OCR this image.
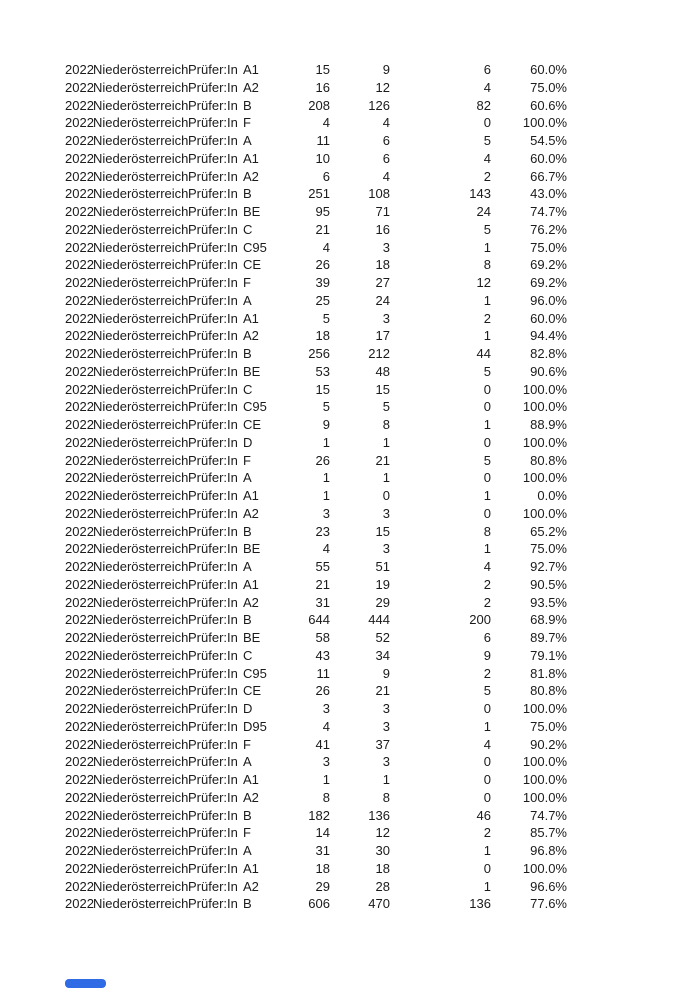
2022 Niederösterreich Prüfer:In A1	15	9	6	60.0%
2022 Niederösterreich Prüfer:In A2	16	12	4	75.0%
2022 Niederösterreich Prüfer:In B	208	126	82	60.6%
2022 Niederösterreich Prüfer:In F	4	4	0	100.0%
2022 Niederösterreich Prüfer:In A	11	6	5	54.5%
2022 Niederösterreich Prüfer:In A1	10	6	4	60.0%
2022 Niederösterreich Prüfer:In A2	6	4	2	66.7%
2022 Niederösterreich Prüfer:In B	251	108	143	43.0%
2022 Niederösterreich Prüfer:In BE	95	71	24	74.7%
2022 Niederösterreich Prüfer:In C	21	16	5	76.2%
2022 Niederösterreich Prüfer:In C95	4	3	1	75.0%
2022 Niederösterreich Prüfer:In CE	26	18	8	69.2%
2022 Niederösterreich Prüfer:In F	39	27	12	69.2%
2022 Niederösterreich Prüfer:In A	25	24	1	96.0%
2022 Niederösterreich Prüfer:In A1	5	3	2	60.0%
2022 Niederösterreich Prüfer:In A2	18	17	1	94.4%
2022 Niederösterreich Prüfer:In B	256	212	44	82.8%
2022 Niederösterreich Prüfer:In BE	53	48	5	90.6%
2022 Niederösterreich Prüfer:In C	15	15	0	100.0%
2022 Niederösterreich Prüfer:In C95	5	5	0	100.0%
2022 Niederösterreich Prüfer:In CE	9	8	1	88.9%
2022 Niederösterreich Prüfer:In D	1	1	0	100.0%
2022 Niederösterreich Prüfer:In F	26	21	5	80.8%
2022 Niederösterreich Prüfer:In A	1	1	0	100.0%
2022 Niederösterreich Prüfer:In A1	1	0	1	0.0%
2022 Niederösterreich Prüfer:In A2	3	3	0	100.0%
2022 Niederösterreich Prüfer:In B	23	15	8	65.2%
2022 Niederösterreich Prüfer:In BE	4	3	1	75.0%
2022 Niederösterreich Prüfer:In A	55	51	4	92.7%
2022 Niederösterreich Prüfer:In A1	21	19	2	90.5%
2022 Niederösterreich Prüfer:In A2	31	29	2	93.5%
2022 Niederösterreich Prüfer:In B	644	444	200	68.9%
2022 Niederösterreich Prüfer:In BE	58	52	6	89.7%
2022 Niederösterreich Prüfer:In C	43	34	9	79.1%
2022 Niederösterreich Prüfer:In C95	11	9	2	81.8%
2022 Niederösterreich Prüfer:In CE	26	21	5	80.8%
2022 Niederösterreich Prüfer:In D	3	3	0	100.0%
2022 Niederösterreich Prüfer:In D95	4	3	1	75.0%
2022 Niederösterreich Prüfer:In F	41	37	4	90.2%
2022 Niederösterreich Prüfer:In A	3	3	0	100.0%
2022 Niederösterreich Prüfer:In A1	1	1	0	100.0%
2022 Niederösterreich Prüfer:In A2	8	8	0	100.0%
2022 Niederösterreich Prüfer:In B	182	136	46	74.7%
2022 Niederösterreich Prüfer:In F	14	12	2	85.7%
2022 Niederösterreich Prüfer:In A	31	30	1	96.8%
2022 Niederösterreich Prüfer:In A1	18	18	0	100.0%
2022 Niederösterreich Prüfer:In A2	29	28	1	96.6%
2022 Niederösterreich Prüfer:In B	606	470	136	77.6%
